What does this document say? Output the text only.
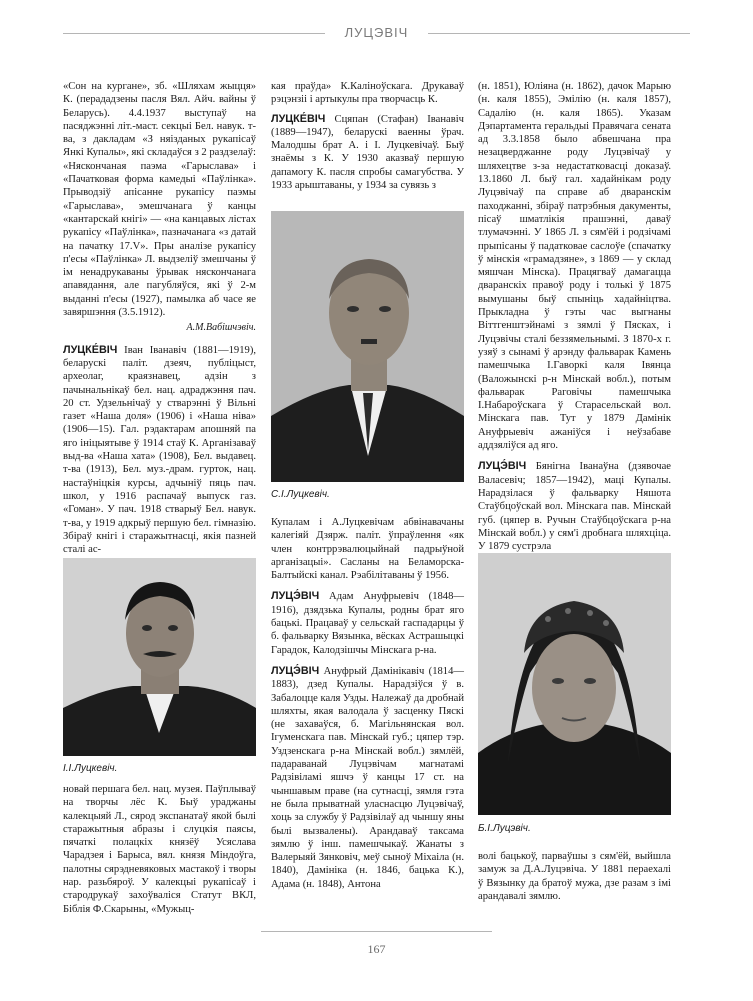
ЛУЦЭВІЧ

«Сон на кургане», зб. «Шляхам жыцця» К. (перададзены пасля Вял. Айч. вайны ў Беларусь). 4.4.1937 выступаў на пасяджэнні літ.-маст. секцыі Бел. навук. т-ва, з дакладам «З няізданых рукапісаў Янкі Купалы», які складаўся з 2 раздзелаў: «Няскончаная паэма «Гарыслава» і «Пачатковая форма камедыі «Паўлінка». Прыводзіў апісанне рукапісу паэмы «Гарыслава», эмешчанага ў канцы «кантарскай кнігі» — «на канцавых лістах рукапісу «Паўлінка», пазначанага «з датай на пачатку 17.V». Пры аналізе рукапісу п'есы «Паўлінка» Л. выдзеліў змешчаны ў ім ненадрукаваны ўрывак няскончанага апавядання, але пагубляўся, які ў 2-м выданні п'есы (1927), памылка аб часе яе завяршэння (3.5.1912).

А.М.Вабішчэвіч.

ЛУЦКЕ́ВІЧ Іван Іванавіч (1881—1919), беларускі паліт. дзеяч, публіцыст, археолаг, краязнавец, адзін з пачынальнікаў бел. нац. адраджэння пач. 20 ст. Удзельнічаў у стварэнні ў Вільні газет «Наша доля» (1906) і «Наша ніва» (1906—15). Гал. рэдактарам апошняй па яго ініцыятыве ў 1914 стаў К. Арганізаваў выд-ва «Наша хата» (1908), Бел. выдавец. т-ва (1913), Бел. муз.-драм. гурток, нац. настаўніцкія курсы, адчыніў пяць пач. школ, у 1916 распачаў выпуск газ. «Гоман». У пач. 1918 стварыў Бел. навук. т-ва, у 1919 адкрыў першую бел. гімназію. Збіраў кнігі і старажытнасці, якія пазней сталі ас-

І.І.Луцкевіч.

новай першага бел. нац. музея. Паўплываў на творчы лёс К. Быў ураджаны калекцыяй Л., сярод экспанатаў якой былі старажытныя абразы і слуцкія паясы, пячаткі полацкіх князёў Усяслава Чарадзея і Барыса, вял. князя Міндоўга, палотны сярэдневяковых мастакоў і творы нар. разьбяроў. У калекцыі рукапісаў і стародрукаў захоўваліся Статут ВКЛ, Біблія Ф.Скарыны, «Мужыц-

кая праўда» К.Каліноўскага. Друкаваў рэцэнзіі і артыкулы пра творчасць К.

ЛУЦКЕ́ВІЧ Сцяпан (Стафан) Іванавіч (1889—1947), беларускі ваенны ўрач. Малодшы брат А. і І. Луцкевічаў. Быў знаёмы з К. У 1930 аказваў першую дапамогу К. пасля спробы самагубства. У 1933 арыштаваны, у 1934 за сувязь з

С.І.Луцкевіч.

Купалам і А.Луцкевічам абвінавачаны калегіяй Дзярж. паліт. ўпраўлення «як член контррэвалюцыйнай падрыўной арганізацыі». Сасланы на Беламорска-Балтыйскі канал. Рэабілітаваны ў 1956.

ЛУЦЭ́ВІЧ Адам Ануфрыевіч (1848—1916), дзядзька Купалы, родны брат яго бацькі. Працаваў у сельскай гаспадарцы ў б. фальварку Вязынка, вёсках Астрашыцкі Гарадок, Калодзішчы Мінскага р-на.

ЛУЦЭ́ВІЧ Ануфрый Дамінікавіч (1814—1883), дзед Купалы. Нарадзіўся ў в. Забалоцце каля Узды. Належаў да дробнай шляхты, якая валодала ў засценку Пяскі (не захаваўся, б. Магільнянская вол. Ігуменскага пав. Мінскай губ.; цяпер тэр. Уздзенскага р-на Мінскай вобл.) зямлёй, падараванай Луцэвічам магнатамі Радзівіламі яшчэ ў канцы 17 ст. на чыншавым праве (на сутнасці, зямля гэта не была прыватнай уласнасцю Луцэвічаў, хоць за службу ў Радзівілаў ад чыншу яны былі вызвалены). Арандаваў таксама зямлю ў інш. памешчыкаў. Жанаты з Валерыяй Зянковіч, меў сыноў Міхаіла (н. 1840), Дамініка (н. 1846, бацька К.), Адама (н. 1848), Антона

(н. 1851), Юліяна (н. 1862), дачок Марыю (н. каля 1855), Эмілію (н. каля 1857), Садалію (н. каля 1865). Указам Дэпартамента геральдыі Правячага сената ад 3.3.1858 было абвешчана пра незацверджанне роду Луцэвічаў у шляхецтве з-за недастатковасці доказаў. 13.1860 Л. быў гал. хадайнікам роду Луцэвічаў па справе аб дваранскім паходжанні, збіраў патрэбныя дакументы, пісаў шматлікія прашэнні, даваў тлумачэнні. У 1865 Л. з сям'ёй і родзічамі прыпісаны ў падатковае саслоўе (спачатку ў мінскія «грамадзяне», з 1869 — у склад мяшчан Мінска). Працягваў дамагацца дваранскіх правоў роду і толькі ў 1875 вымушаны быў спыніць хадайніцтва. Прыкладна ў гэты час выгнаны Віттгенштэйнамі з зямлі ў Пясках, і Луцэвічы сталі беззямельнымі. З 1870-х г. узяў з сынамі ў арэнду фальварак Камень памешчыка І.Гаворкі каля Івянца (Валожынскі р-н Мінскай вобл.), потым фальварак Раговічы памешчыка І.Набароўскага ў Старасельскай вол. Мінскага пав. Тут у 1879 Дамінік Ануфрыевіч ажаніўся і неўзабаве аддзяліўся ад яго.

ЛУЦЭ́ВІЧ Бянігна Іванаўна (дзявочае Валасевіч; 1857—1942), маці Купалы. Нарадзілася ў фальварку Няшота Стаўбцоўскай вол. Мінскага пав. Мінскай губ. (цяпер в. Ручын Стаўбцоўскага р-на Мінскай вобл.) у сям'і дробнага шляхціца. У 1879 сустрэла

Б.І.Луцэвіч.

волі бацькоў, парваўшы з сям'ёй, выйшла замуж за Д.А.Луцэвіча. У 1881 пераехалі ў Вязынку да братоў мужа, дзе разам з імі арандавалі зямлю.

167
